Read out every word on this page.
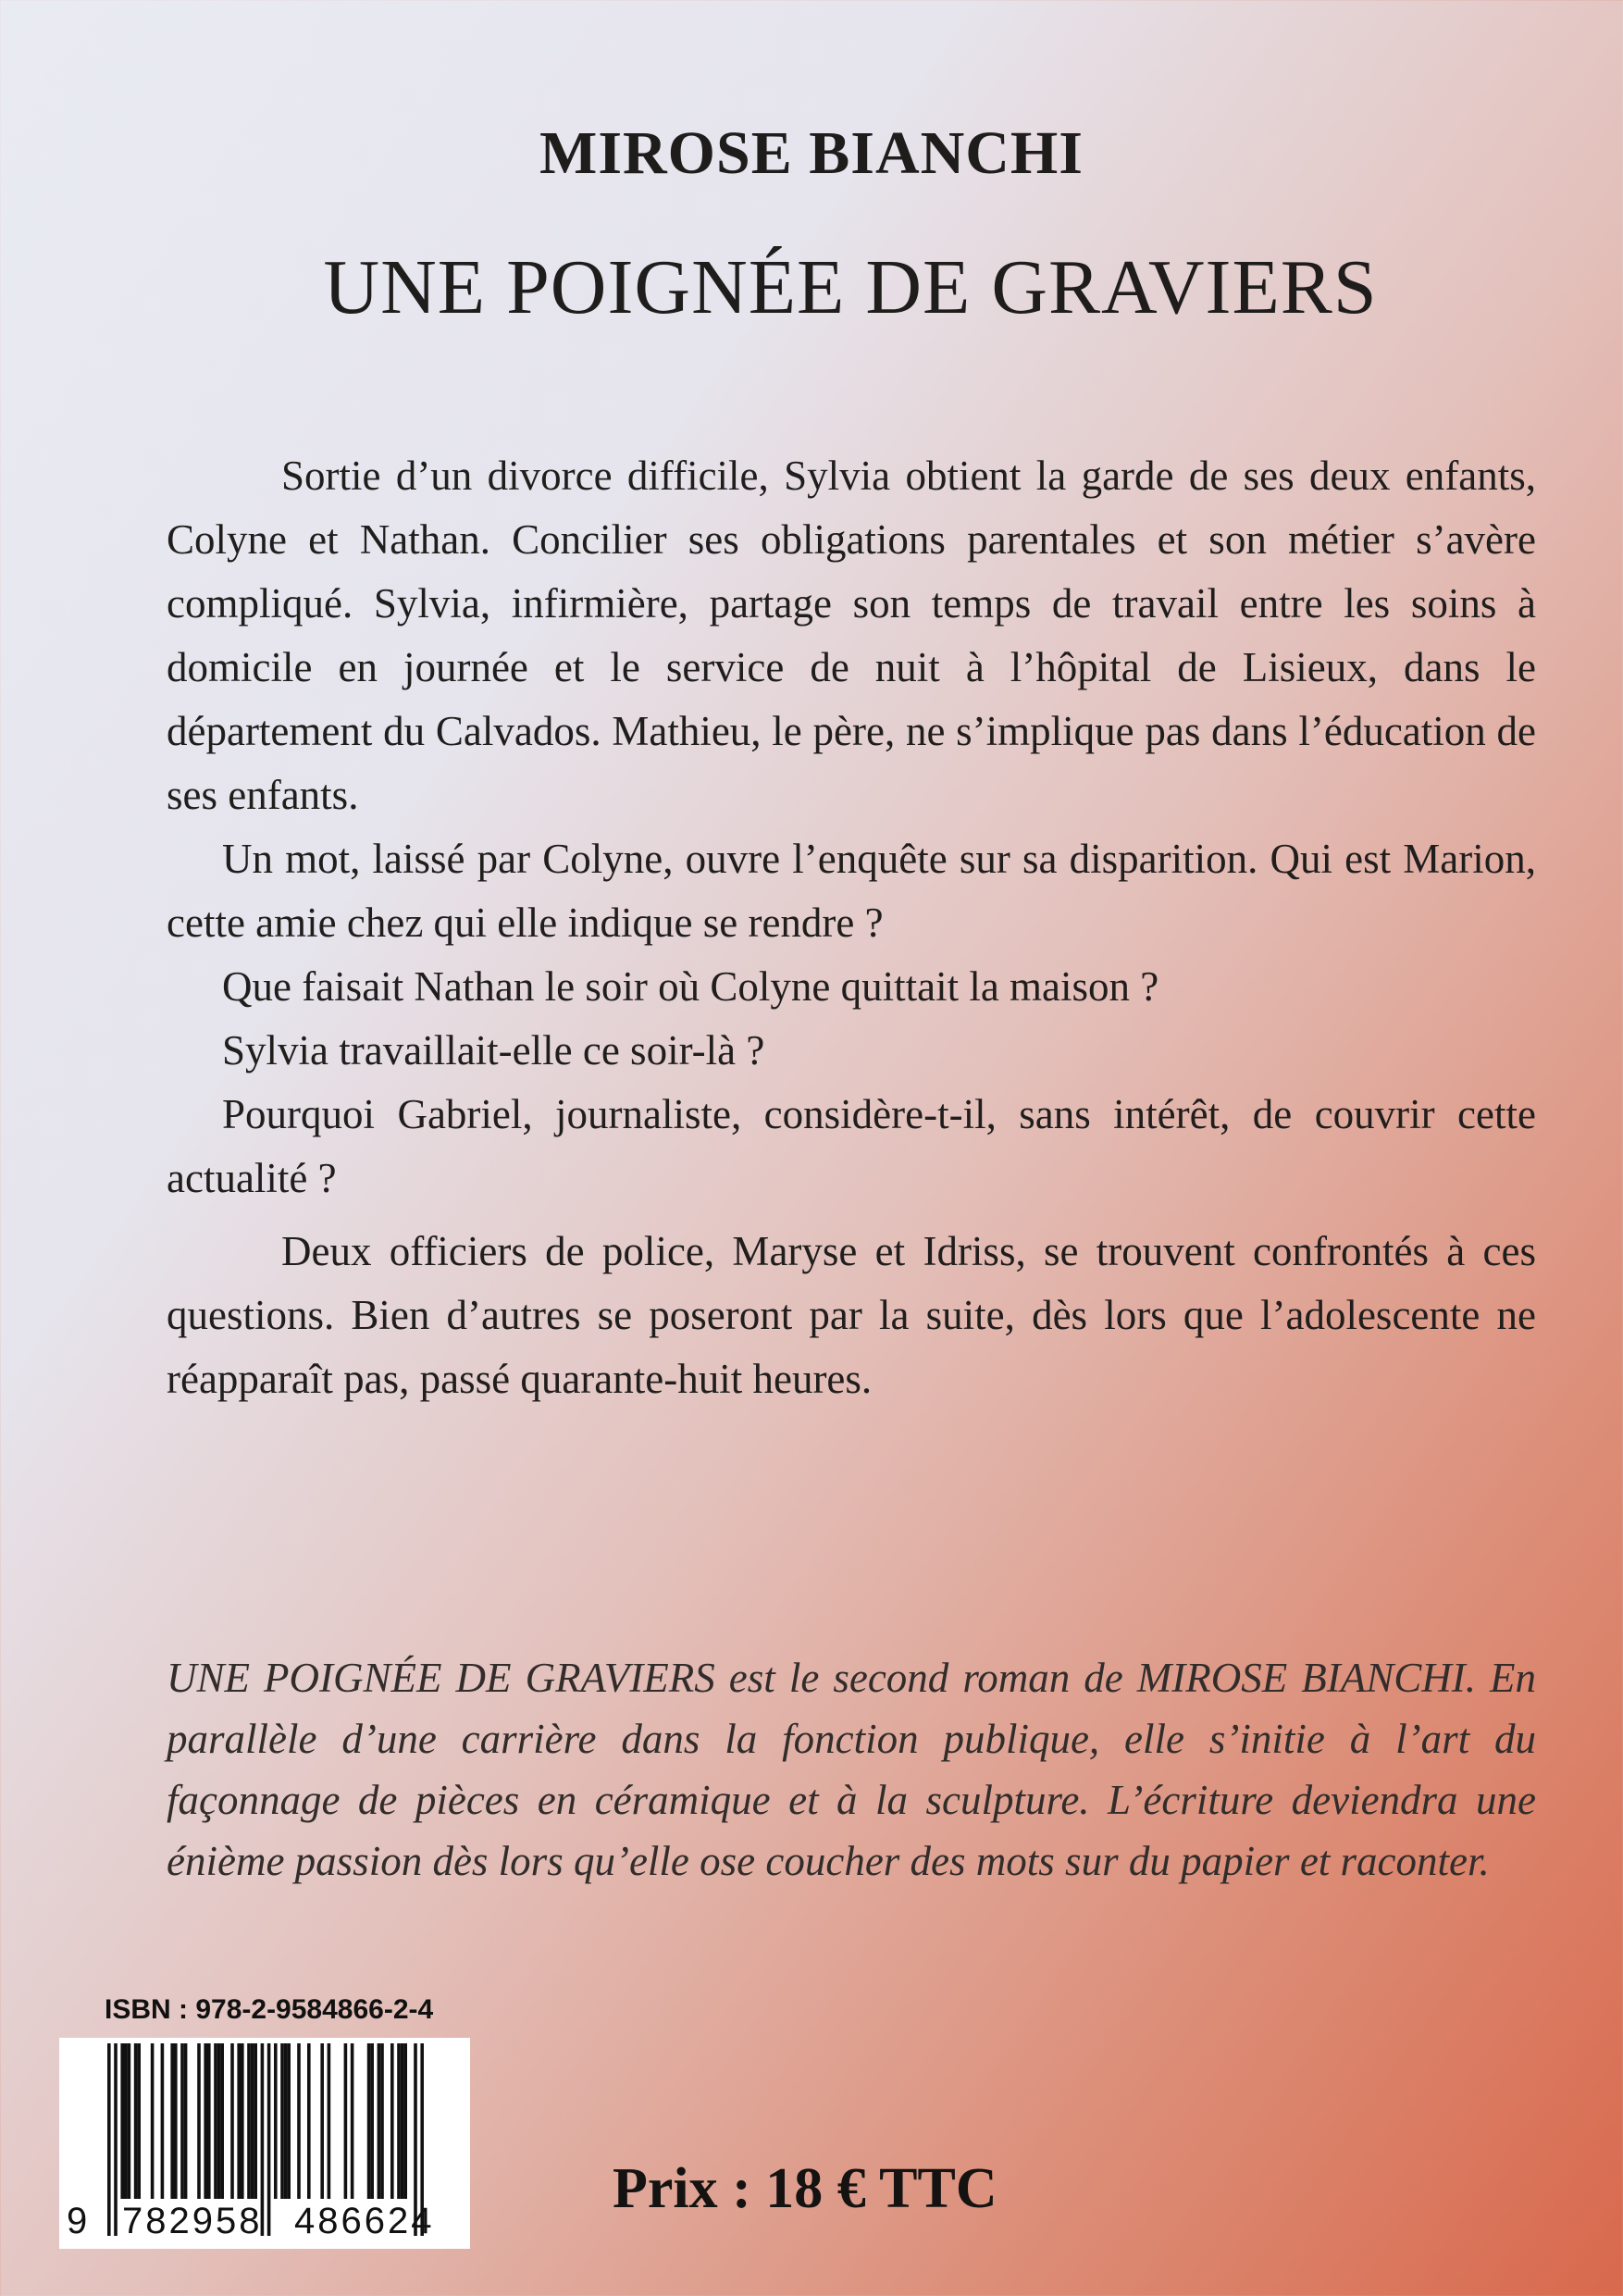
MIROSE BIANCHI
UNE POIGNÉE DE GRAVIERS

Sortie d’un divorce difficile, Sylvia obtient la garde de ses deux enfants, Colyne et Nathan. Concilier ses obligations parentales et son métier s’avère compliqué. Sylvia, infirmière, partage son temps de travail entre les soins à domicile en journée et le service de nuit à l’hôpital de Lisieux, dans le département du Calvados. Mathieu, le père, ne s’implique pas dans l’éducation de ses enfants.

Un mot, laissé par Colyne, ouvre l’enquête sur sa disparition. Qui est Marion, cette amie chez qui elle indique se rendre ?

Que faisait Nathan le soir où Colyne quittait la maison ?

Sylvia travaillait-elle ce soir-là ?

Pourquoi Gabriel, journaliste, considère-t-il, sans intérêt, de couvrir cette actualité ?

Deux officiers de police, Maryse et Idriss, se trouvent confrontés à ces questions. Bien d’autres se poseront par la suite, dès lors que l’adolescente ne réapparaît pas, passé quarante-huit heures.

UNE POIGNÉE DE GRAVIERS est le second roman de MIROSE BIANCHI. En parallèle d’une carrière dans la fonction publique, elle s’initie à l’art du façonnage de pièces en céramique et à la sculpture. L’écriture deviendra une énième passion dès lors qu’elle ose coucher des mots sur du papier et raconter.

ISBN : 978-2-9584866-2-4
9 782958 486624
Prix : 18 € TTC
